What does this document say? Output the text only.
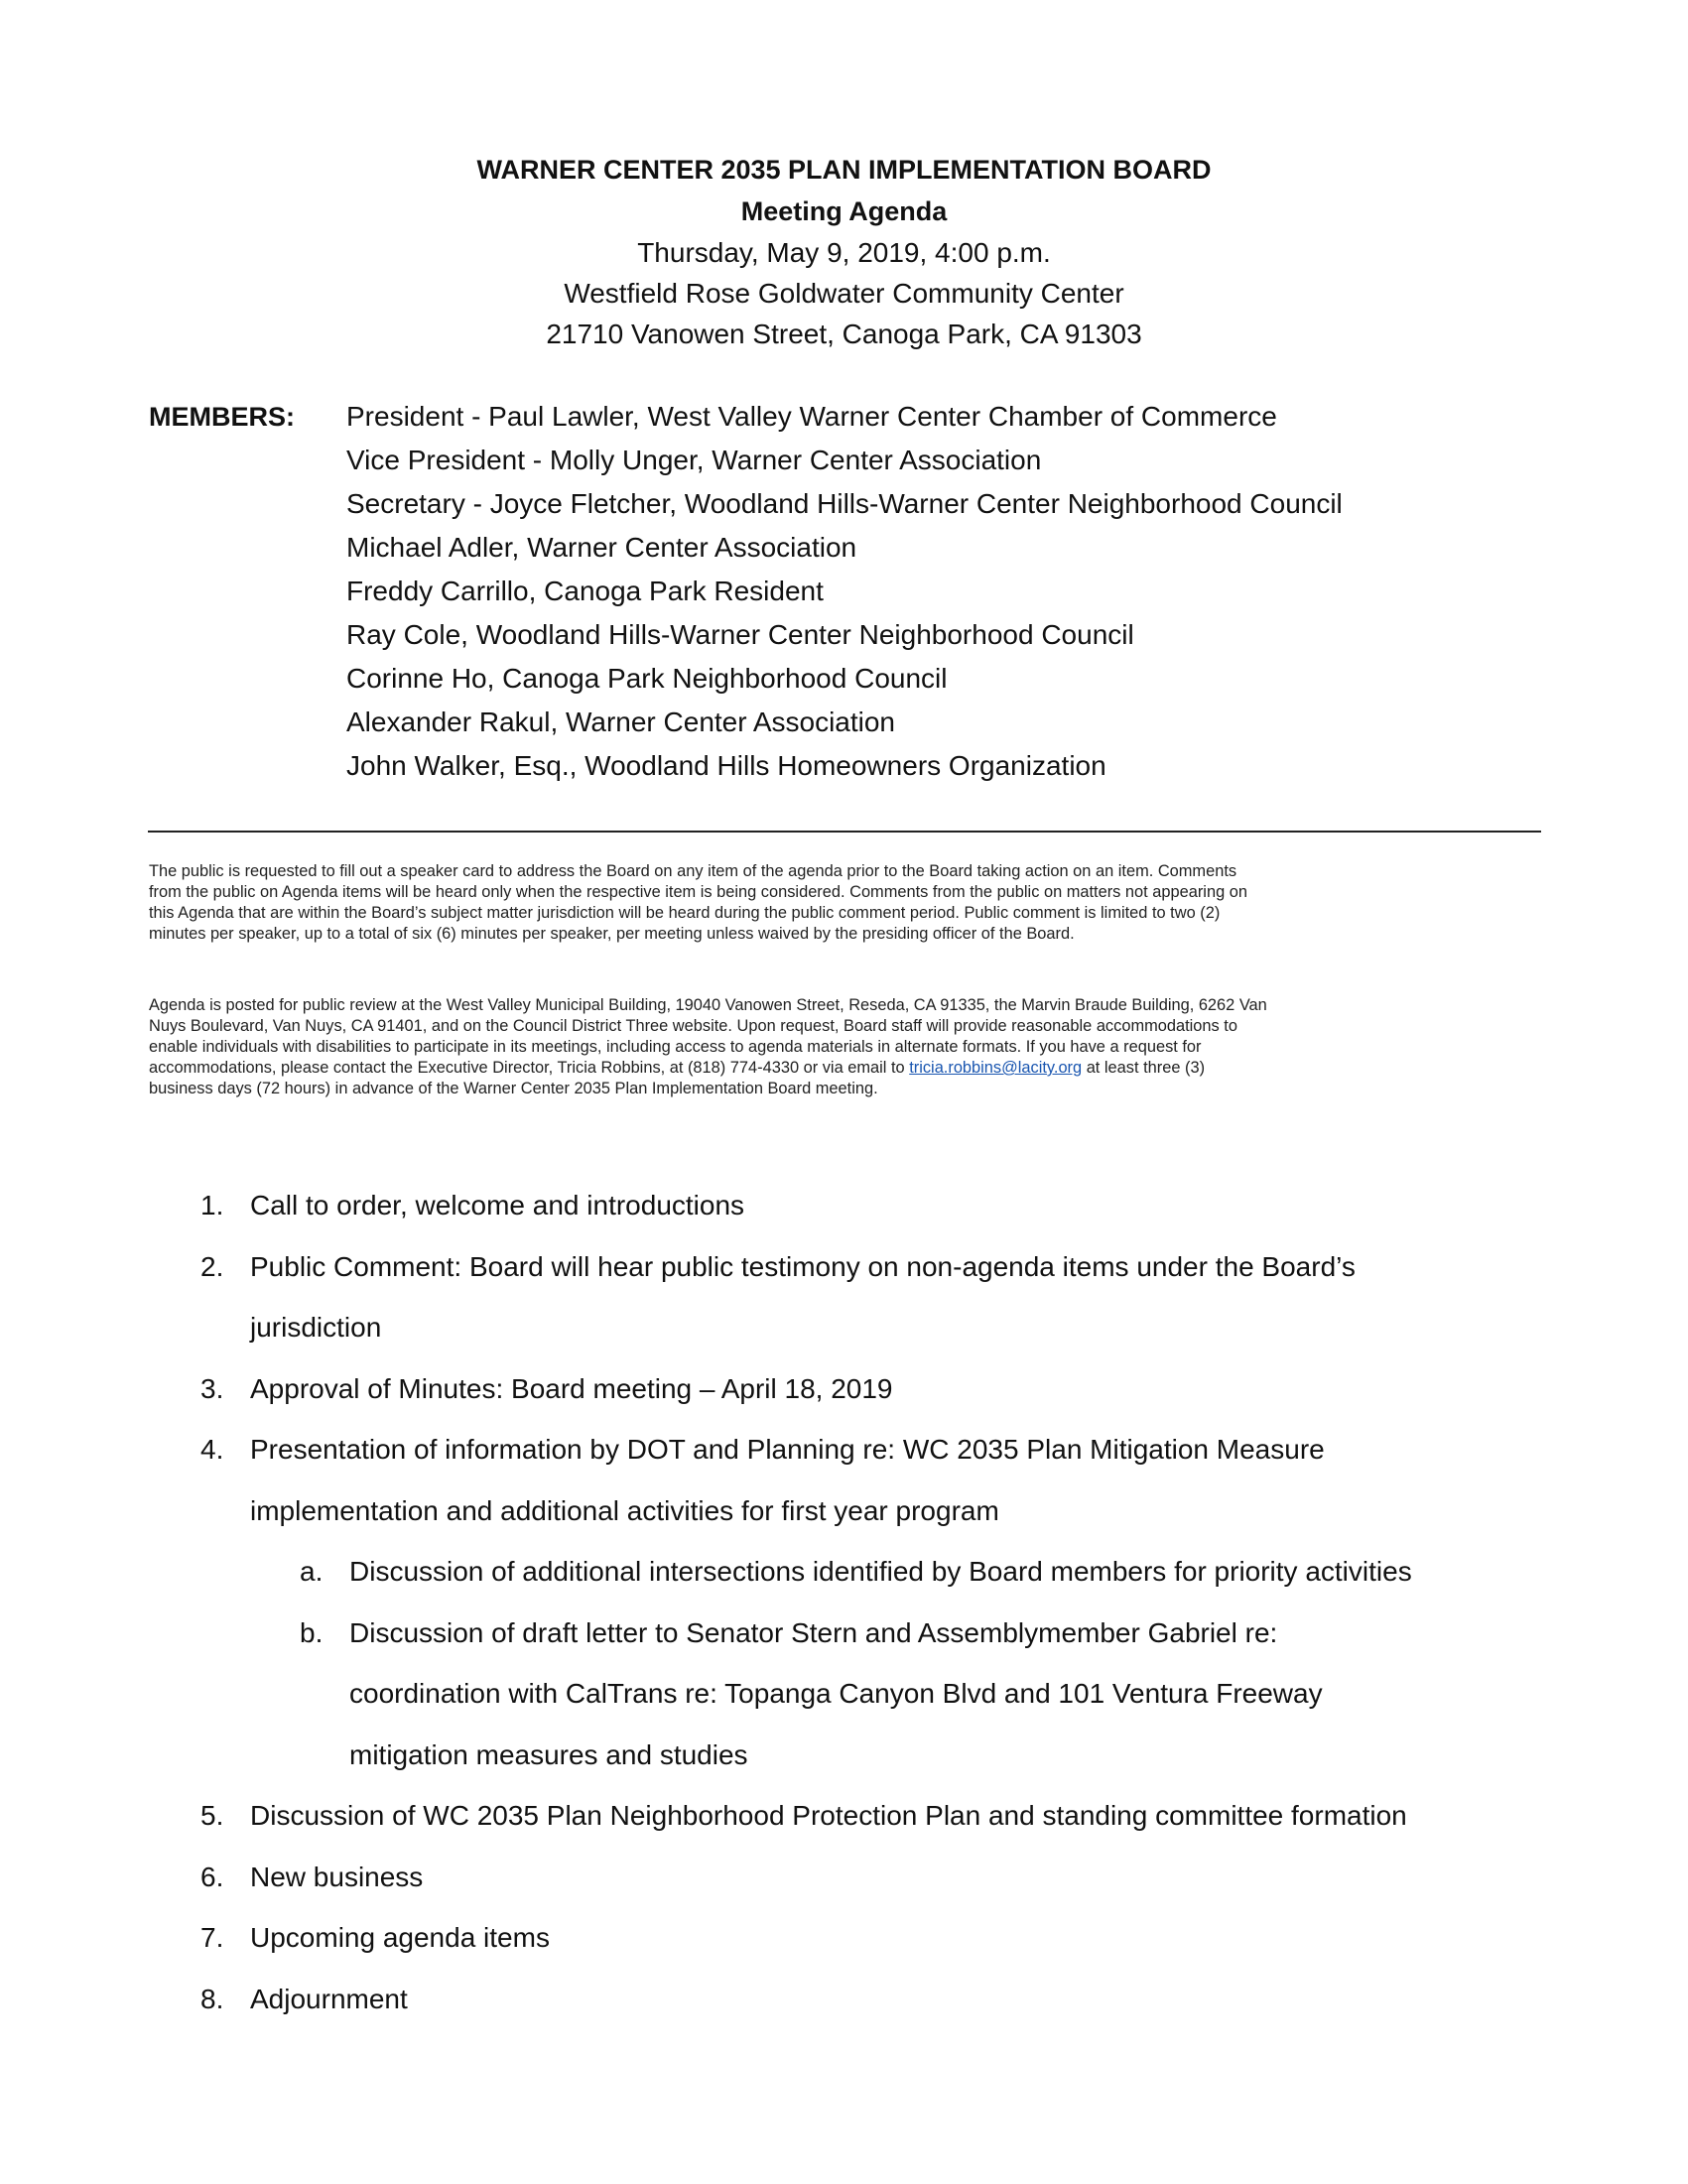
WARNER CENTER 2035 PLAN IMPLEMENTATION BOARD
Meeting Agenda
Thursday, May 9, 2019, 4:00 p.m.
Westfield Rose Goldwater Community Center
21710 Vanowen Street, Canoga Park, CA 91303
MEMBERS: President - Paul Lawler, West Valley Warner Center Chamber of Commerce
Vice President - Molly Unger, Warner Center Association
Secretary - Joyce Fletcher, Woodland Hills-Warner Center Neighborhood Council
Michael Adler, Warner Center Association
Freddy Carrillo, Canoga Park Resident
Ray Cole, Woodland Hills-Warner Center Neighborhood Council
Corinne Ho, Canoga Park Neighborhood Council
Alexander Rakul, Warner Center Association
John Walker, Esq., Woodland Hills Homeowners Organization
The public is requested to fill out a speaker card to address the Board on any item of the agenda prior to the Board taking action on an item. Comments
from the public on Agenda items will be heard only when the respective item is being considered. Comments from the public on matters not appearing on
this Agenda that are within the Board’s subject matter jurisdiction will be heard during the public comment period. Public comment is limited to two (2)
minutes per speaker, up to a total of six (6) minutes per speaker, per meeting unless waived by the presiding officer of the Board.
Agenda is posted for public review at the West Valley Municipal Building, 19040 Vanowen Street, Reseda, CA 91335, the Marvin Braude Building, 6262 Van
Nuys Boulevard, Van Nuys, CA 91401, and on the Council District Three website. Upon request, Board staff will provide reasonable accommodations to
enable individuals with disabilities to participate in its meetings, including access to agenda materials in alternate formats. If you have a request for
accommodations, please contact the Executive Director, Tricia Robbins, at (818) 774-4330 or via email to tricia.robbins@lacity.org at least three (3)
business days (72 hours) in advance of the Warner Center 2035 Plan Implementation Board meeting.
1. Call to order, welcome and introductions
2. Public Comment: Board will hear public testimony on non-agenda items under the Board’s
jurisdiction
3. Approval of Minutes: Board meeting – April 18, 2019
4. Presentation of information by DOT and Planning re: WC 2035 Plan Mitigation Measure
implementation and additional activities for first year program
a. Discussion of additional intersections identified by Board members for priority activities
b. Discussion of draft letter to Senator Stern and Assemblymember Gabriel re:
coordination with CalTrans re: Topanga Canyon Blvd and 101 Ventura Freeway
mitigation measures and studies
5. Discussion of WC 2035 Plan Neighborhood Protection Plan and standing committee formation
6. New business
7. Upcoming agenda items
8. Adjournment
